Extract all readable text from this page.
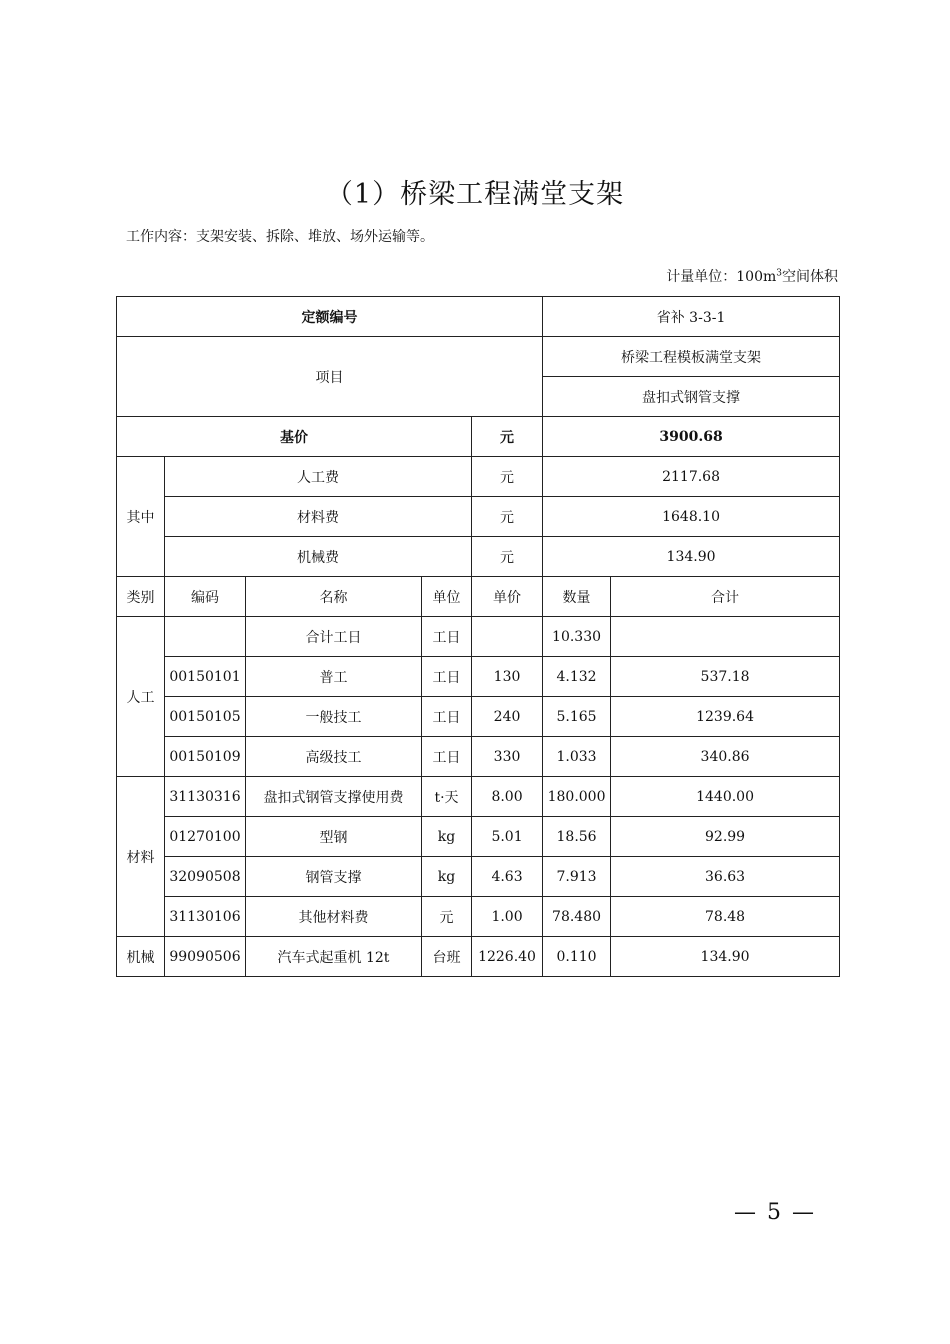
（1）桥梁工程满堂支架
工作内容：支架安装、拆除、堆放、场外运输等。
计量单位：$100m^3$空间体积
定额编号					省补 3-3-1	
项目					桥梁工程模板满堂支架	
					盘扣式钢管支撑	
基价				元	3900.68	
其中	人工费			元	2117.68	
	材料费			元	1648.10	
	机械费			元	134.90	
类别	编码	名称	单位	单价	数量	合计
人工		合计工日	工日		10.330	
	00150101	普工	工日	130	4.132	537.18
	00150105	一般技工	工日	240	5.165	1239.64
	00150109	高级技工	工日	330	1.033	340.86
材料	31130316	盘扣式钢管支撑使用费	t·天	8.00	180.000	1440.00
	01270100	型钢	kg	5.01	18.56	92.99
	32090508	钢管支撑	kg	4.63	7.913	36.63
	31130106	其他材料费	元	1.00	78.480	78.48
机械	99090506	汽车式起重机 12t	台班	1226.40	0.110	134.90
— 5 —
